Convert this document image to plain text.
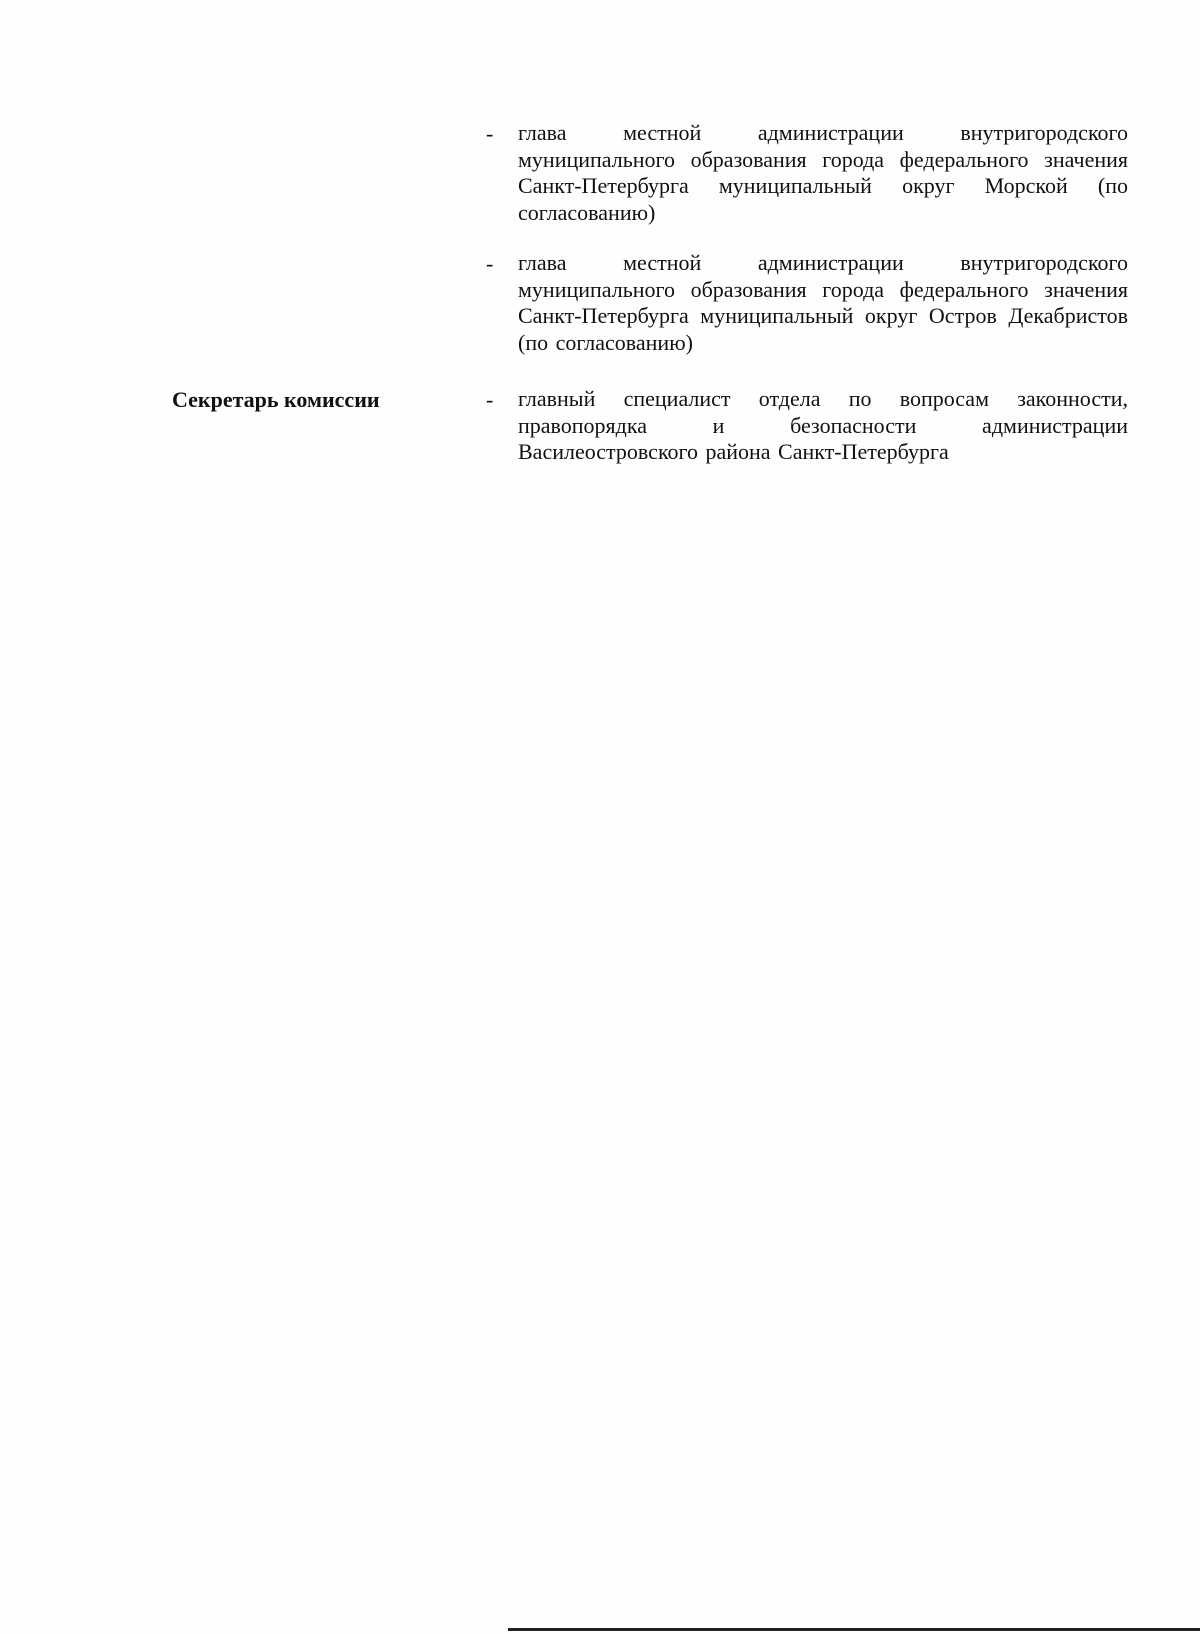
- глава местной администрации внутригородского муниципального образования города федерального значения Санкт-Петербурга муниципальный округ Морской (по согласованию)
- глава местной администрации внутригородского муниципального образования города федерального значения Санкт-Петербурга муниципальный округ Остров Декабристов (по согласованию)
Секретарь комиссии	- главный специалист отдела по вопросам законности, правопорядка и безопасности администрации Василеостровского района Санкт-Петербурга
